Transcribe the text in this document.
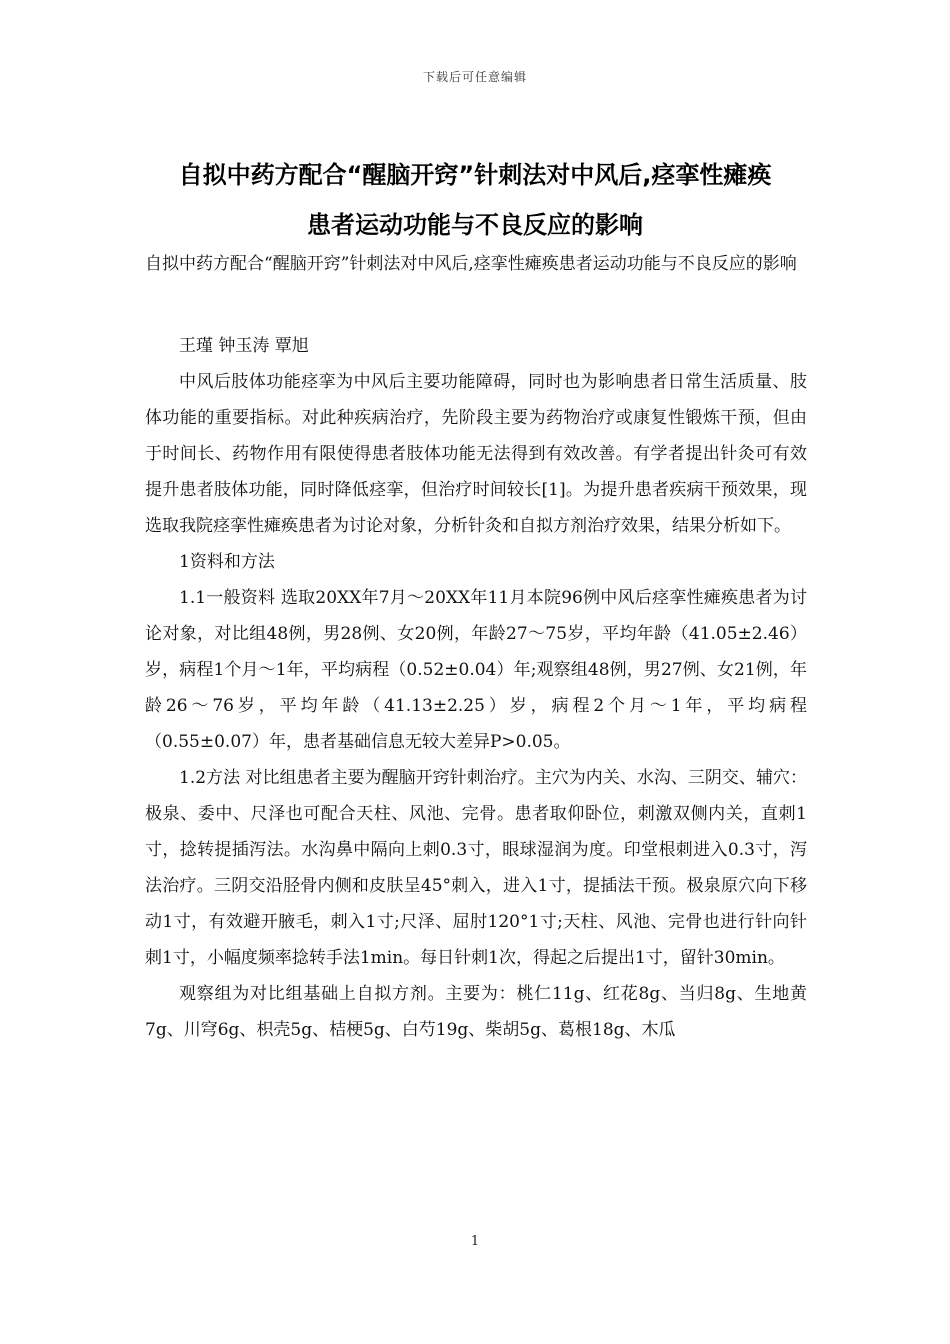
下载后可任意编辑
自拟中药方配合“醒脑开窍”针刺法对中风后,痉挛性瘫痪
患者运动功能与不良反应的影响

自拟中药方配合“醒脑开窍”针刺法对中风后,痉挛性瘫痪患者运动功能与不良反应的影响

王瑾 钟玉涛 覃旭

中风后肢体功能痉挛为中风后主要功能障碍，同时也为影响患者日常生活质量、肢体功能的重要指标。对此种疾病治疗，先阶段主要为药物治疗或康复性锻炼干预，但由于时间长、药物作用有限使得患者肢体功能无法得到有效改善。有学者提出针灸可有效提升患者肢体功能，同时降低痉挛，但治疗时间较长[1]。为提升患者疾病干预效果，现选取我院痉挛性瘫痪患者为讨论对象，分析针灸和自拟方剂治疗效果，结果分析如下。

1资料和方法

1.1一般资料 选取20XX年7月～20XX年11月本院96例中风后痉挛性瘫痪患者为讨论对象，对比组48例，男28例、女20例，年龄27～75岁，平均年龄（41.05±2.46）岁，病程1个月～1年，平均病程（0.52±0.04）年;观察组48例，男27例、女21例，年龄26～76岁，平均年龄（41.13±2.25）岁，病程2个月～1年，平均病程（0.55±0.07）年，患者基础信息无较大差异P>0.05。

1.2方法 对比组患者主要为醒脑开窍针刺治疗。主穴为内关、水沟、三阴交、辅穴：极泉、委中、尺泽也可配合天柱、风池、完骨。患者取仰卧位，刺激双侧内关，直刺1寸，捻转提插泻法。水沟鼻中隔向上刺0.3寸，眼球湿润为度。印堂根刺进入0.3寸，泻法治疗。三阴交沿胫骨内侧和皮肤呈45°刺入，进入1寸，提插法干预。极泉原穴向下移动1寸，有效避开腋毛，刺入1寸;尺泽、屈肘120°1寸;天柱、风池、完骨也进行针向针刺1寸，小幅度频率捻转手法1min。每日针刺1次，得起之后提出1寸，留针30min。

观察组为对比组基础上自拟方剂。主要为：桃仁11g、红花8g、当归8g、生地黄7g、川穹6g、枳壳5g、桔梗5g、白芍19g、柴胡5g、葛根18g、木瓜

1
